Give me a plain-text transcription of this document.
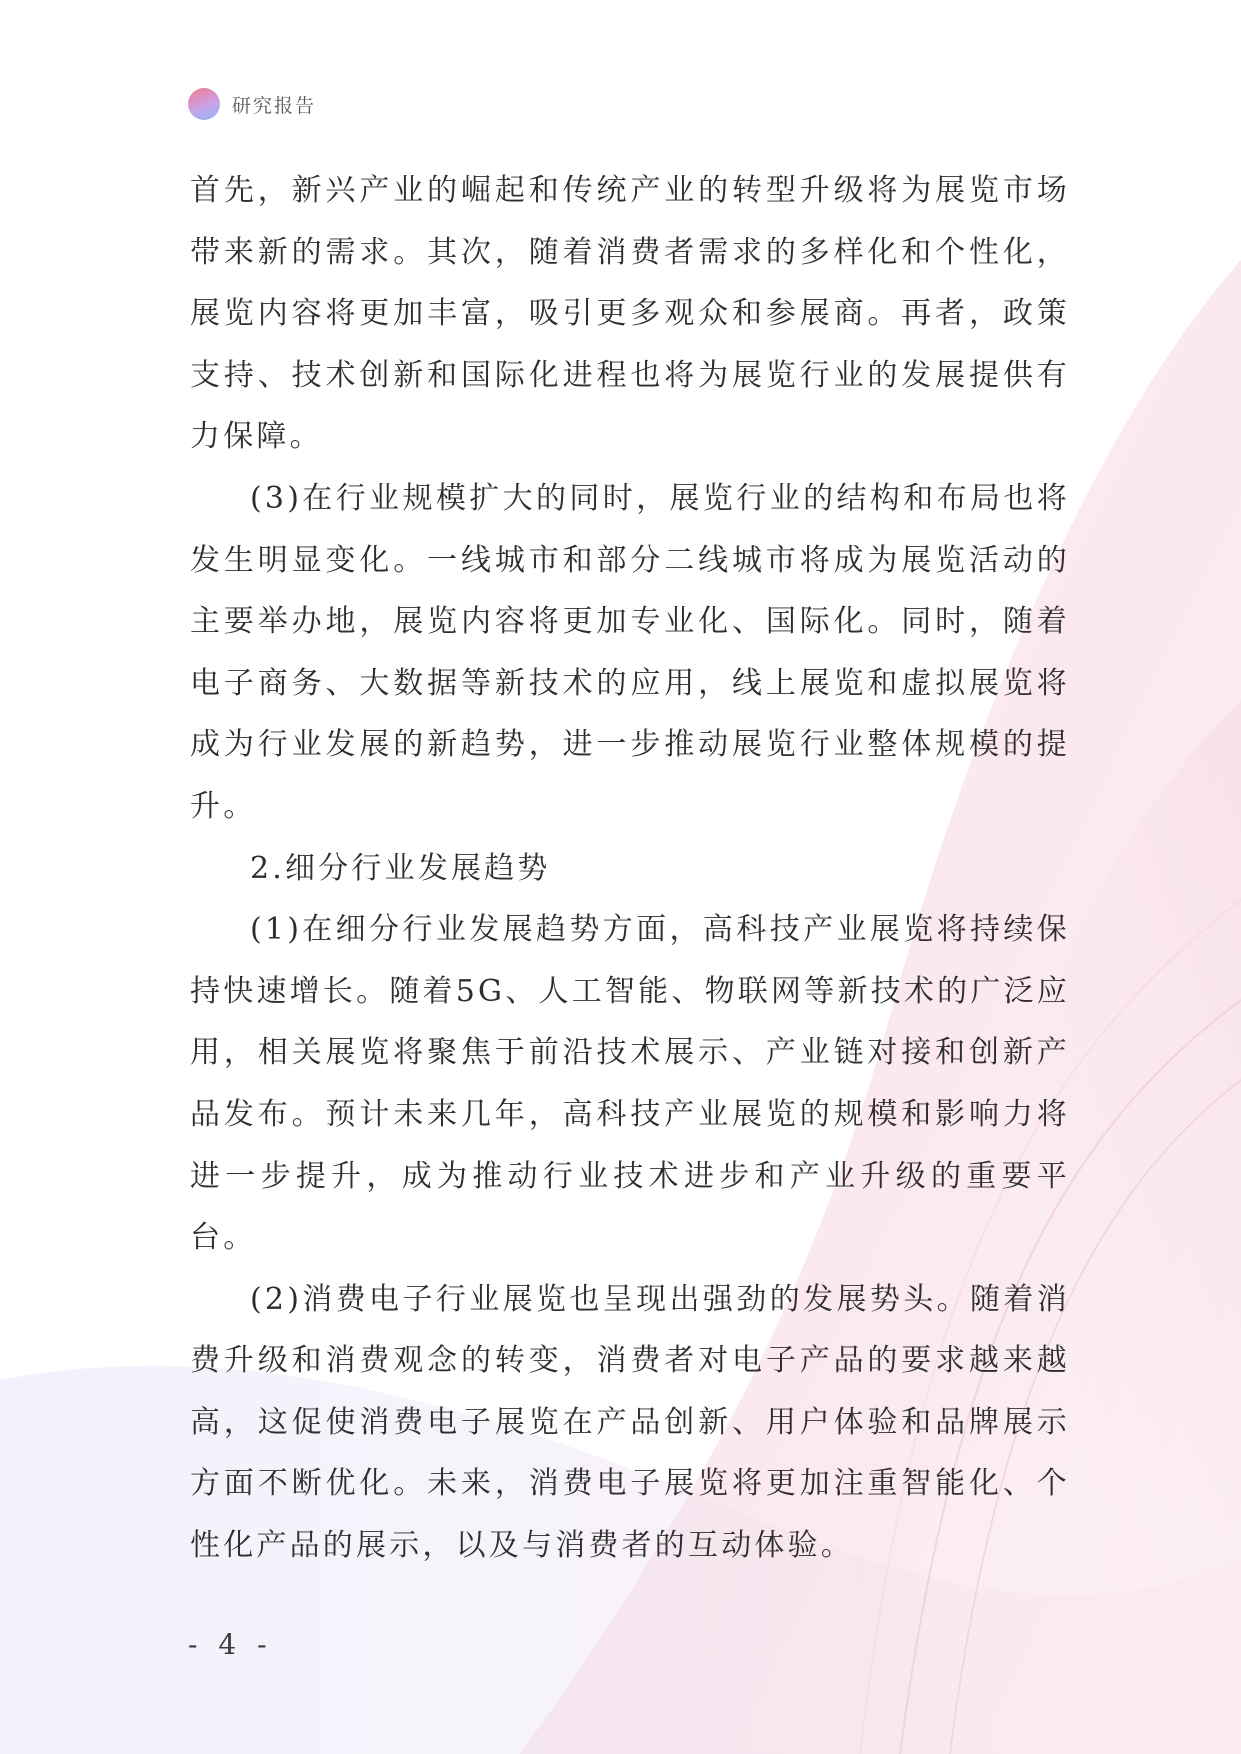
研究报告

首先，新兴产业的崛起和传统产业的转型升级将为展览市场带来新的需求。其次，随着消费者需求的多样化和个性化，展览内容将更加丰富，吸引更多观众和参展商。再者，政策支持、技术创新和国际化进程也将为展览行业的发展提供有力保障。

(3)在行业规模扩大的同时，展览行业的结构和布局也将发生明显变化。一线城市和部分二线城市将成为展览活动的主要举办地，展览内容将更加专业化、国际化。同时，随着电子商务、大数据等新技术的应用，线上展览和虚拟展览将成为行业发展的新趋势，进一步推动展览行业整体规模的提升。

2.细分行业发展趋势

(1)在细分行业发展趋势方面，高科技产业展览将持续保持快速增长。随着5G、人工智能、物联网等新技术的广泛应用，相关展览将聚焦于前沿技术展示、产业链对接和创新产品发布。预计未来几年，高科技产业展览的规模和影响力将进一步提升，成为推动行业技术进步和产业升级的重要平台。

(2)消费电子行业展览也呈现出强劲的发展势头。随着消费升级和消费观念的转变，消费者对电子产品的要求越来越高，这促使消费电子展览在产品创新、用户体验和品牌展示方面不断优化。未来，消费电子展览将更加注重智能化、个性化产品的展示，以及与消费者的互动体验。

- 4 -
